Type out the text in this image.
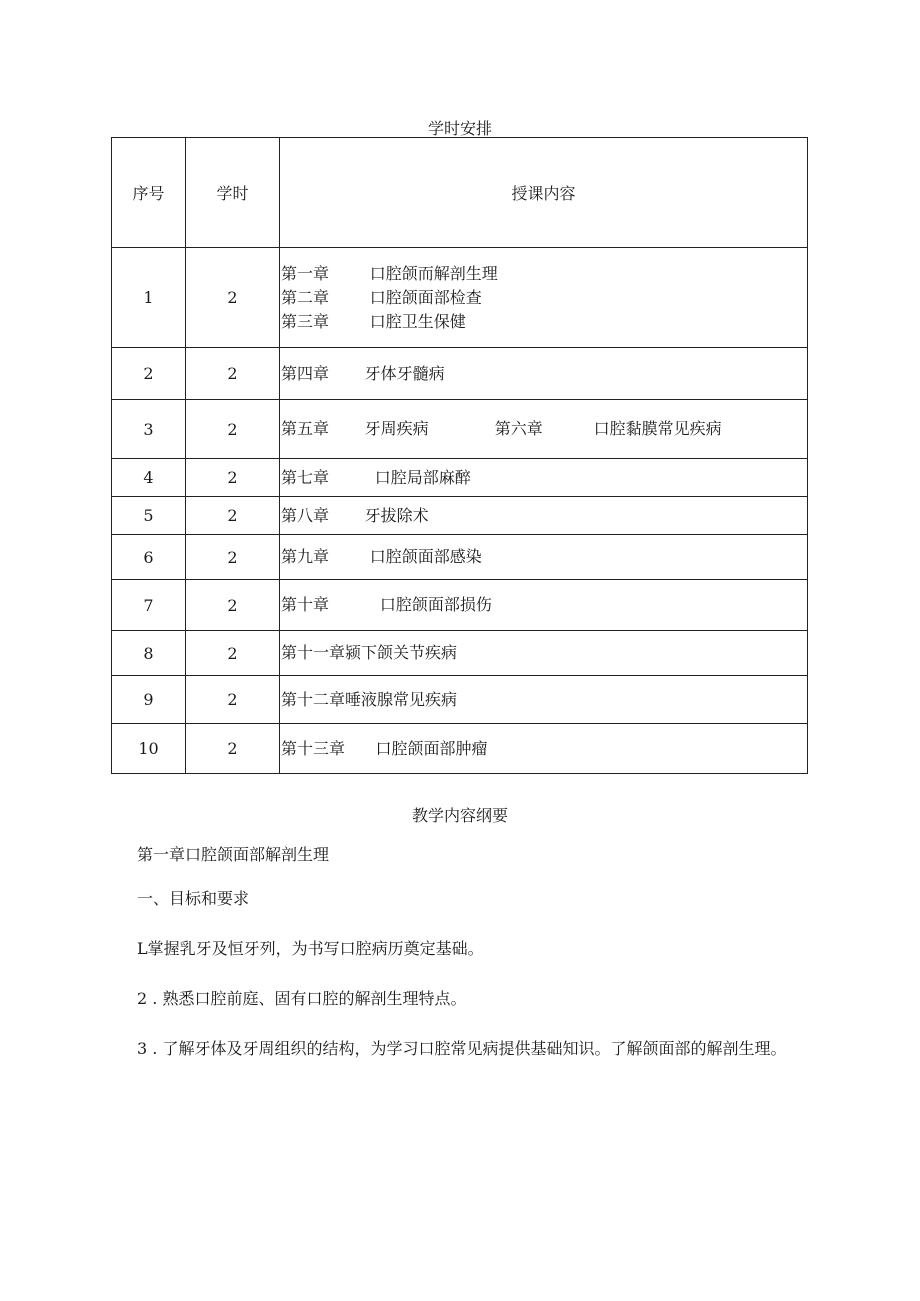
学时安排
序号	学时	授课内容
1	2	第一章        口腔颌而解剖生理
第二章        口腔颌面部检查
第三章        口腔卫生保健

2	2	第四章       牙体牙髓病

3	2	第五章       牙周疾病             第六章          口腔黏膜常见疾病

4	2	第七章         口腔局部麻醉

5	2	第八章       牙拔除术

6	2	第九章        口腔颌面部感染

7	2	第十章          口腔颌面部损伤

8	2	第十一章颍下颌关节疾病

9	2	第十二章唾液腺常见疾病

10	2	第十三章      口腔颌面部肿瘤
教学内容纲要
第一章口腔颌面部解剖生理
一、目标和要求
L掌握乳牙及恒牙列，为书写口腔病历奠定基础。
2 . 熟悉口腔前庭、固有口腔的解剖生理特点。
3 . 了解牙体及牙周组织的结构，为学习口腔常见病提供基础知识。了解颌面部的解剖生理。
